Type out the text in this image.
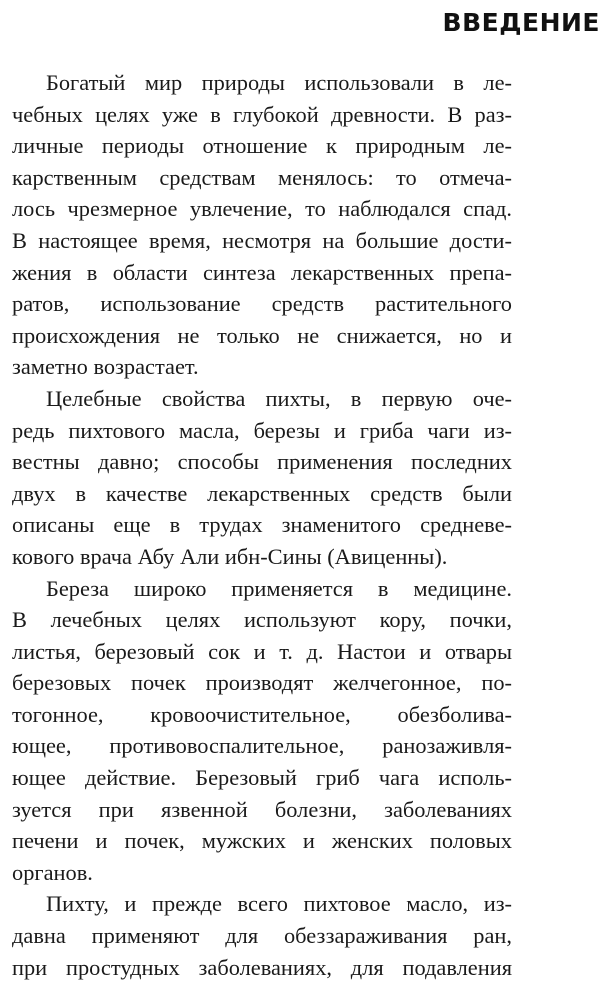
ВВЕДЕНИЕ

Богатый мир природы использовали в ле-
чебных целях уже в глубокой древности. В раз-
личные периоды отношение к природным ле-
карственным средствам менялось: то отмеча-
лось чрезмерное увлечение, то наблюдался спад.
В настоящее время, несмотря на большие дости-
жения в области синтеза лекарственных препа-
ратов, использование средств растительного
происхождения не только не снижается, но и
заметно возрастает.

Целебные свойства пихты, в первую оче-
редь пихтового масла, березы и гриба чаги из-
вестны давно; способы применения последних
двух в качестве лекарственных средств были
описаны еще в трудах знаменитого средневе-
кового врача Абу Али ибн-Сины (Авиценны).

Береза широко применяется в медицине.
В лечебных целях используют кору, почки,
листья, березовый сок и т. д. Настои и отвары
березовых почек производят желчегонное, по-
тогонное, кровоочистительное, обезболива-
ющее, противовоспалительное, ранозаживля-
ющее действие. Березовый гриб чага исполь-
зуется при язвенной болезни, заболеваниях
печени и почек, мужских и женских половых
органов.

Пихту, и прежде всего пихтовое масло, из-
давна применяют для обеззараживания ран,
при простудных заболеваниях, для подавления
